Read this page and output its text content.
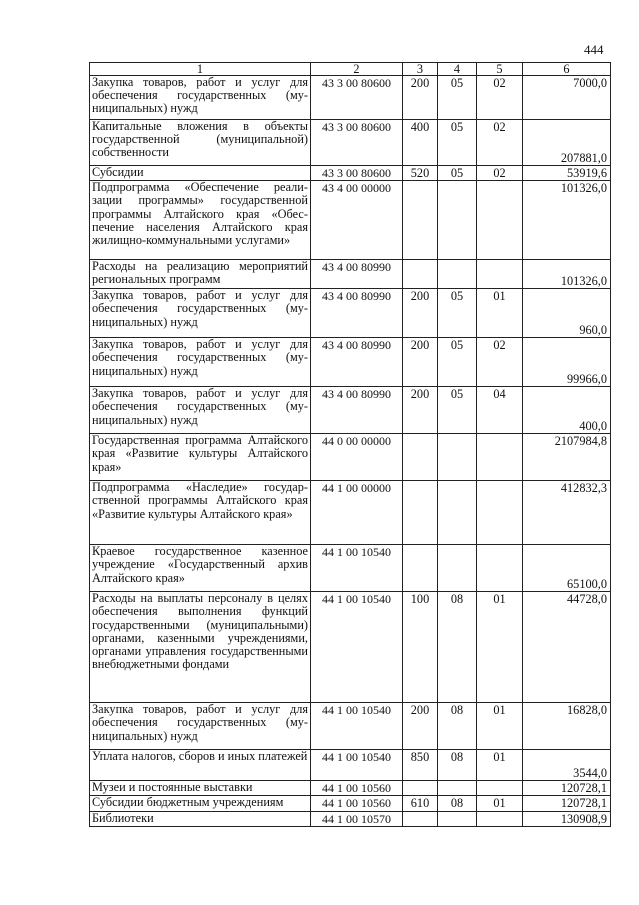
444
1	2	3	4	5	6
Закупка товаров, работ и услуг для обеспечения государственных (муниципальных) нужд	43 3 00 80600	200	05	02	7000,0
Капитальные вложения в объекты государственной (муниципальной) собственности	43 3 00 80600	400	05	02	207881,0
Субсидии	43 3 00 80600	520	05	02	53919,6
Подпрограмма «Обеспечение реализации программы» государственной программы Алтайского края «Обеспечение населения Алтайского края жилищно-коммунальными услугами»	43 4 00 00000				101326,0
Расходы на реализацию мероприятий региональных программ	43 4 00 80990				101326,0
Закупка товаров, работ и услуг для обеспечения государственных (муниципальных) нужд	43 4 00 80990	200	05	01	960,0
Закупка товаров, работ и услуг для обеспечения государственных (муниципальных) нужд	43 4 00 80990	200	05	02	99966,0
Закупка товаров, работ и услуг для обеспечения государственных (муниципальных) нужд	43 4 00 80990	200	05	04	400,0
Государственная программа Алтайского края «Развитие культуры Алтайского края»	44 0 00 00000				2107984,8
Подпрограмма «Наследие» государственной программы Алтайского края «Развитие культуры Алтайского края»	44 1 00 00000				412832,3
Краевое государственное казенное учреждение «Государственный архив Алтайского края»	44 1 00 10540				65100,0
Расходы на выплаты персоналу в целях обеспечения выполнения функций государственными (муниципальными) органами, казенными учреждениями, органами управления государственными внебюджетными фондами	44 1 00 10540	100	08	01	44728,0
Закупка товаров, работ и услуг для обеспечения государственных (муниципальных) нужд	44 1 00 10540	200	08	01	16828,0
Уплата налогов, сборов и иных платежей	44 1 00 10540	850	08	01	3544,0
Музеи и постоянные выставки	44 1 00 10560				120728,1
Субсидии бюджетным учреждениям	44 1 00 10560	610	08	01	120728,1
Библиотеки	44 1 00 10570				130908,9
